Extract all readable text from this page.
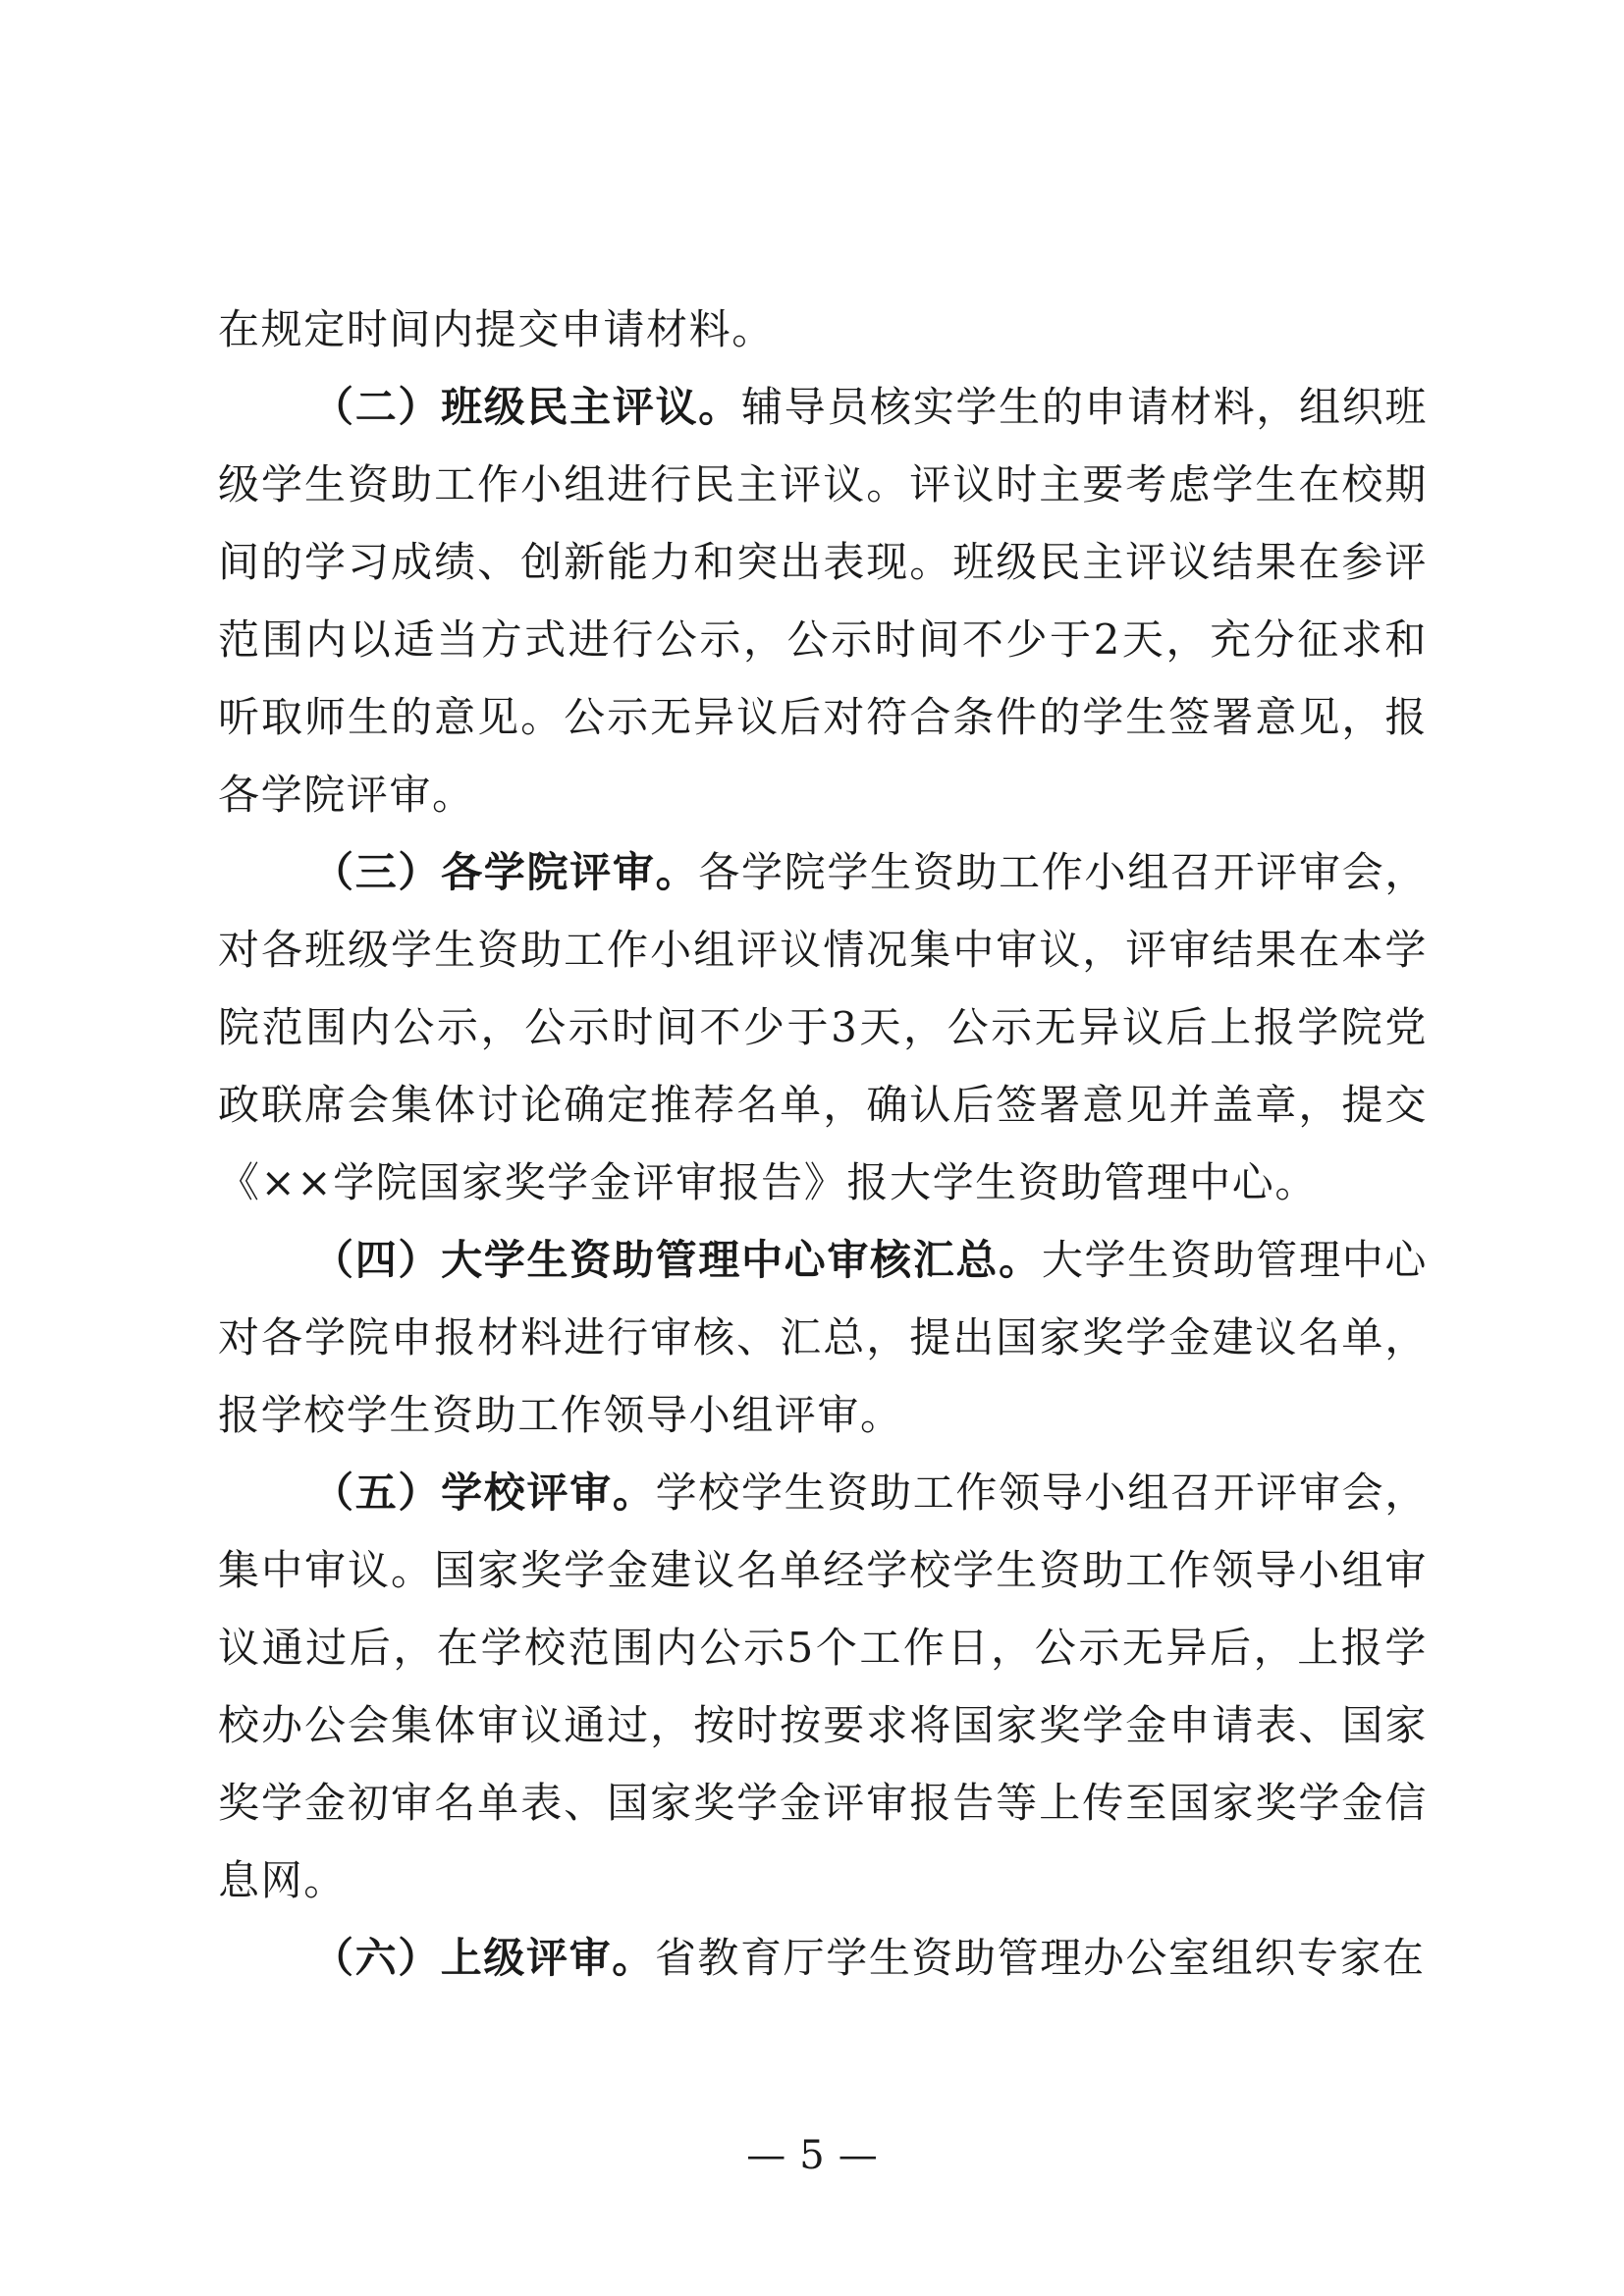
在规定时间内提交申请材料。

（二）班级民主评议。辅导员核实学生的申请材料，组织班级学生资助工作小组进行民主评议。评议时主要考虑学生在校期间的学习成绩、创新能力和突出表现。班级民主评议结果在参评范围内以适当方式进行公示，公示时间不少于2天，充分征求和听取师生的意见。公示无异议后对符合条件的学生签署意见，报各学院评审。

（三）各学院评审。各学院学生资助工作小组召开评审会，对各班级学生资助工作小组评议情况集中审议，评审结果在本学院范围内公示，公示时间不少于3天，公示无异议后上报学院党政联席会集体讨论确定推荐名单，确认后签署意见并盖章，提交《××学院国家奖学金评审报告》报大学生资助管理中心。

（四）大学生资助管理中心审核汇总。大学生资助管理中心对各学院申报材料进行审核、汇总，提出国家奖学金建议名单，报学校学生资助工作领导小组评审。

（五）学校评审。学校学生资助工作领导小组召开评审会，集中审议。国家奖学金建议名单经学校学生资助工作领导小组审议通过后，在学校范围内公示5个工作日，公示无异后，上报学校办公会集体审议通过，按时按要求将国家奖学金申请表、国家奖学金初审名单表、国家奖学金评审报告等上传至国家奖学金信息网。

（六）上级评审。省教育厅学生资助管理办公室组织专家在

— 5 —
